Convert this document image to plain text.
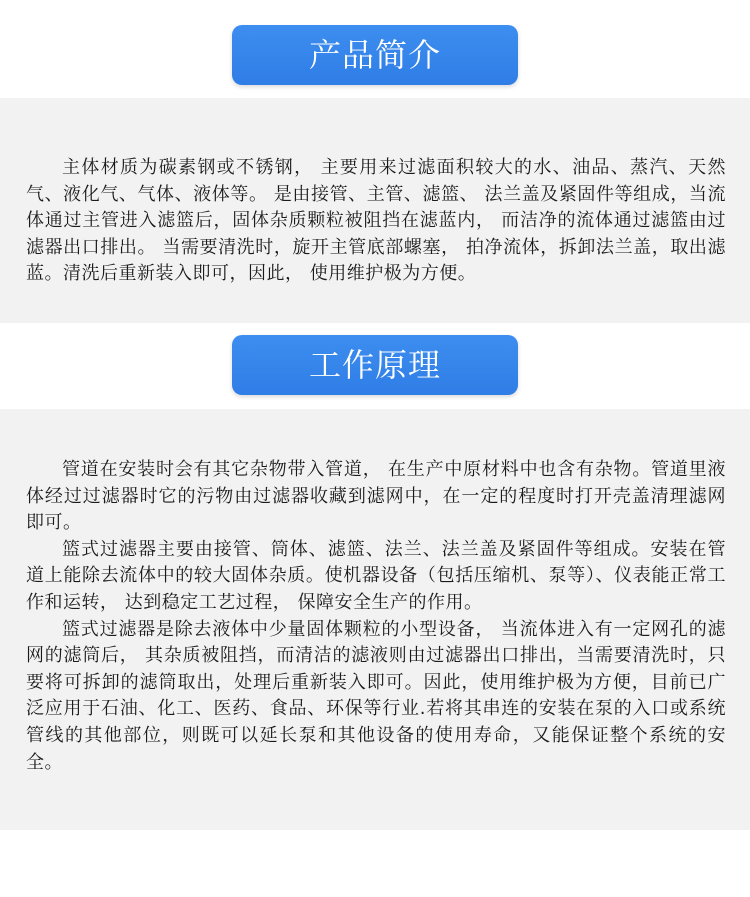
产品简介

主体材质为碳素钢或不锈钢， 主要用来过滤面积较大的水、油品、蒸汽、天然气、液化气、气体、液体等。 是由接管、主管、滤篮、 法兰盖及紧固件等组成，当流体通过主管进入滤篮后，固体杂质颗粒被阻挡在滤蓝内， 而洁净的流体通过滤篮由过滤器出口排出。 当需要清洗时，旋开主管底部螺塞， 拍净流体，拆卸法兰盖，取出滤蓝。清洗后重新装入即可，因此， 使用维护极为方便。

工作原理

管道在安装时会有其它杂物带入管道， 在生产中原材料中也含有杂物。管道里液体经过过滤器时它的污物由过滤器收藏到滤网中，在一定的程度时打开壳盖清理滤网即可。

篮式过滤器主要由接管、筒体、滤篮、法兰、法兰盖及紧固件等组成。安装在管道上能除去流体中的较大固体杂质。使机器设备（包括压缩机、泵等）、仪表能正常工作和运转， 达到稳定工艺过程， 保障安全生产的作用。

篮式过滤器是除去液体中少量固体颗粒的小型设备， 当流体进入有一定网孔的滤网的滤筒后， 其杂质被阻挡，而清洁的滤液则由过滤器出口排出，当需要清洗时，只要将可拆卸的滤筒取出，处理后重新装入即可。因此，使用维护极为方便，目前已广泛应用于石油、化工、医药、食品、环保等行业.若将其串连的安装在泵的入口或系统管线的其他部位，则既可以延长泵和其他设备的使用寿命，又能保证整个系统的安全。
